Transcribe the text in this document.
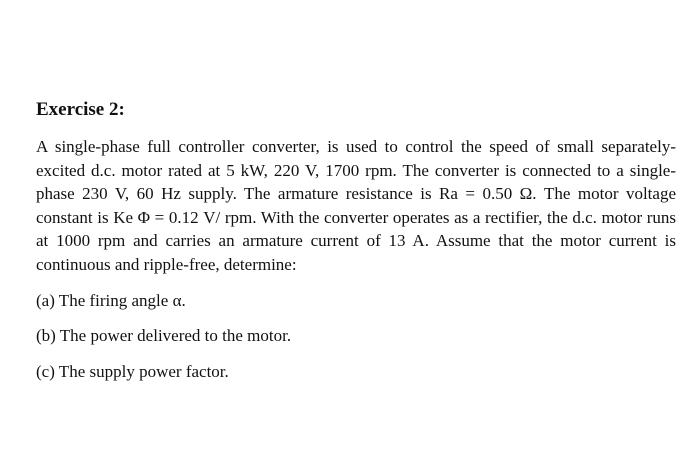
Exercise 2:

A single-phase full controller converter, is used to control the speed of small separately-excited d.c. motor rated at 5 kW, 220 V, 1700 rpm. The converter is connected to a single-phase 230 V, 60 Hz supply. The armature resistance is Ra = 0.50 Ω. The motor voltage constant is Ke Φ = 0.12 V/ rpm. With the converter operates as a rectifier, the d.c. motor runs at 1000 rpm and carries an armature current of 13 A. Assume that the motor current is continuous and ripple-free, determine:

(a) The firing angle α.
(b) The power delivered to the motor.
(c) The supply power factor.
